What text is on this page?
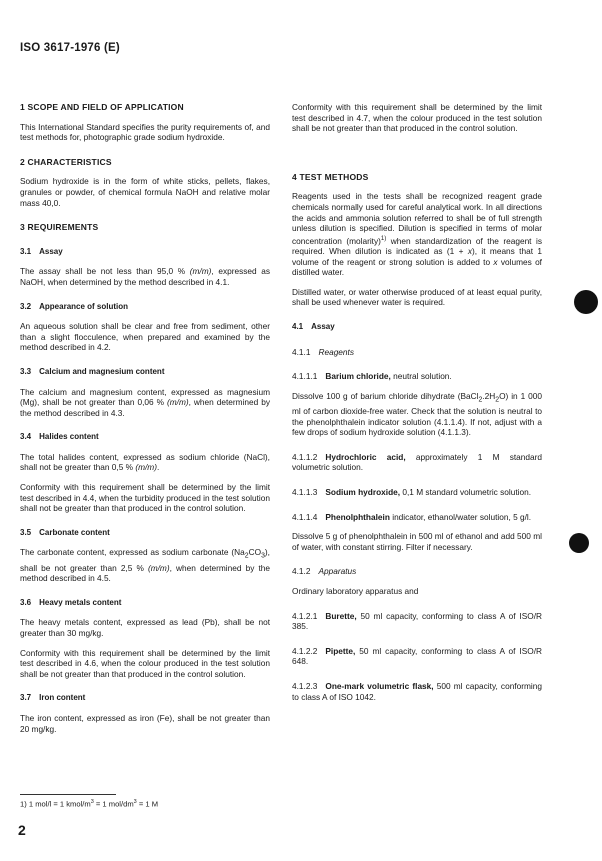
ISO 3617-1976 (E)

1 SCOPE AND FIELD OF APPLICATION

This International Standard specifies the purity requirements of, and test methods for, photographic grade sodium hydroxide.

2 CHARACTERISTICS

Sodium hydroxide is in the form of white sticks, pellets, flakes, granules or powder, of chemical formula NaOH and relative molar mass 40,0.

3 REQUIREMENTS

3.1 Assay

The assay shall be not less than 95,0 % (m/m), expressed as NaOH, when determined by the method described in 4.1.

3.2 Appearance of solution

An aqueous solution shall be clear and free from sediment, other than a slight flocculence, when prepared and examined by the method described in 4.2.

3.3 Calcium and magnesium content

The calcium and magnesium content, expressed as magnesium (Mg), shall be not greater than 0,06 % (m/m), when determined by the method described in 4.3.

3.4 Halides content

The total halides content, expressed as sodium chloride (NaCl), shall not be greater than 0,5 % (m/m).

Conformity with this requirement shall be determined by the limit test described in 4.4, when the turbidity produced in the test solution shall not be greater than that produced in the control solution.

3.5 Carbonate content

The carbonate content, expressed as sodium carbonate $(Na_2CO_3)$, shall be not greater than 2,5 % (m/m), when determined by the method described in 4.5.

3.6 Heavy metals content

The heavy metals content, expressed as lead (Pb), shall be not greater than 30 mg/kg.

Conformity with this requirement shall be determined by the limit test described in 4.6, when the colour produced in the test solution shall be not greater than that produced in the control solution.

3.7 Iron content

The iron content, expressed as iron (Fe), shall be not greater than 20 mg/kg.

Conformity with this requirement shall be determined by the limit test described in 4.7, when the colour produced in the test solution shall be not greater than that produced in the control solution.

4 TEST METHODS

Reagents used in the tests shall be recognized reagent grade chemicals normally used for careful analytical work. In all directions the acids and ammonia solution referred to shall be of full strength unless dilution is specified. Dilution is specified in terms of molar concentration (molarity)$^{1)}$ when standardization of the reagent is required. When dilution is indicated as (1 + x), it means that 1 volume of the reagent or strong solution is added to x volumes of distilled water.

Distilled water, or water otherwise produced of at least equal purity, shall be used whenever water is required.

4.1 Assay

4.1.1 Reagents

4.1.1.1 Barium chloride, neutral solution.

Dissolve 100 g of barium chloride dihydrate $(BaCl_2.2H_2O)$ in 1 000 ml of carbon dioxide-free water. Check that the solution is neutral to the phenolphthalein indicator solution (4.1.1.4). If not, adjust with a few drops of sodium hydroxide solution (4.1.1.3).

4.1.1.2 Hydrochloric acid, approximately 1 M standard volumetric solution.

4.1.1.3 Sodium hydroxide, 0,1 M standard volumetric solution.

4.1.1.4 Phenolphthalein indicator, ethanol/water solution, 5 g/l.

Dissolve 5 g of phenolphthalein in 500 ml of ethanol and add 500 ml of water, with constant stirring. Filter if necessary.

4.1.2 Apparatus

Ordinary laboratory apparatus and

4.1.2.1 Burette, 50 ml capacity, conforming to class A of ISO/R 385.

4.1.2.2 Pipette, 50 ml capacity, conforming to class A of ISO/R 648.

4.1.2.3 One-mark volumetric flask, 500 ml capacity, conforming to class A of ISO 1042.

1) 1 mol/l = 1 kmol/$m^3 = 1$ mol/$dm^3 = 1$ M
2
